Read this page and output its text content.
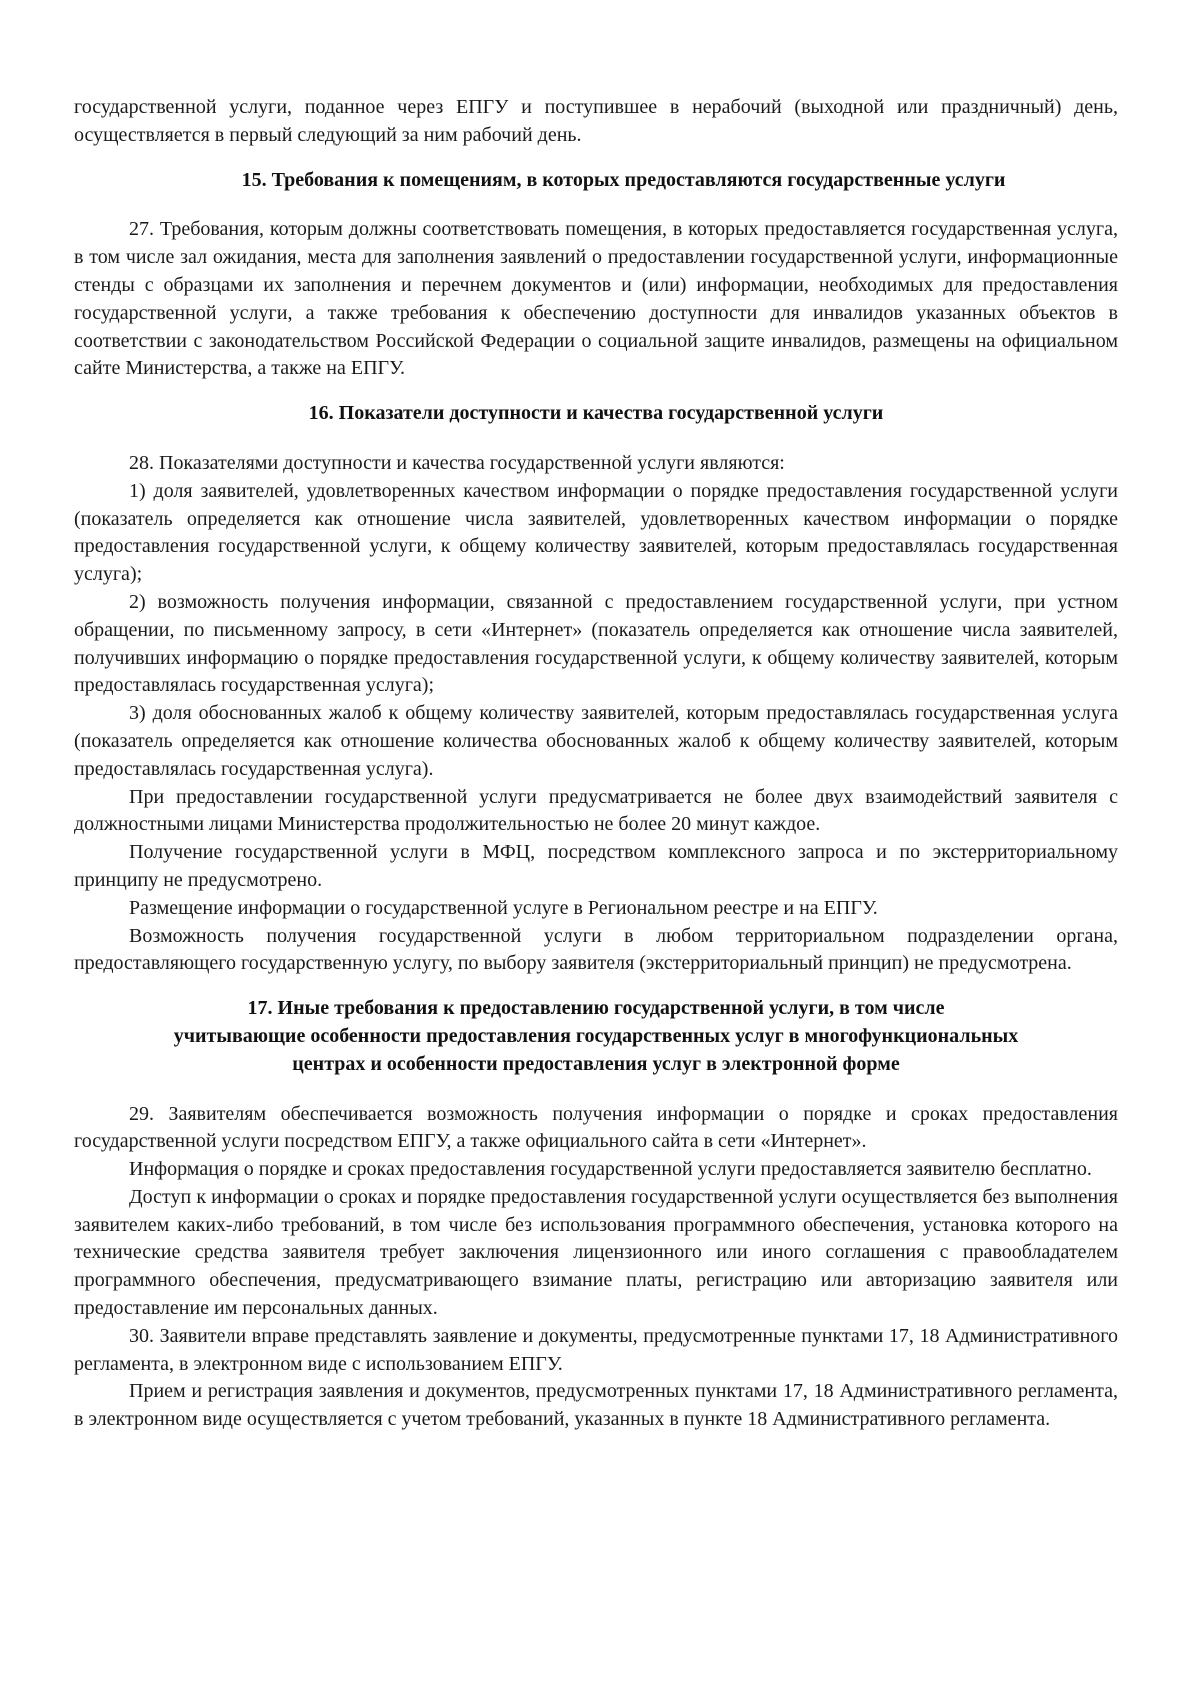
государственной услуги, поданное через ЕПГУ и поступившее в нерабочий (выходной или праздничный) день, осуществляется в первый следующий за ним рабочий день.

15. Требования к помещениям, в которых предоставляются государственные услуги

27. Требования, которым должны соответствовать помещения, в которых предоставляется государственная услуга, в том числе зал ожидания, места для заполнения заявлений о предоставлении государственной услуги, информационные стенды с образцами их заполнения и перечнем документов и (или) информации, необходимых для предоставления государственной услуги, а также требования к обеспечению доступности для инвалидов указанных объектов в соответствии с законодательством Российской Федерации о социальной защите инвалидов, размещены на официальном сайте Министерства, а также на ЕПГУ.

16. Показатели доступности и качества государственной услуги

28. Показателями доступности и качества государственной услуги являются:

1) доля заявителей, удовлетворенных качеством информации о порядке предоставления государственной услуги (показатель определяется как отношение числа заявителей, удовлетворенных качеством информации о порядке предоставления государственной услуги, к общему количеству заявителей, которым предоставлялась государственная услуга);

2) возможность получения информации, связанной с предоставлением государственной услуги, при устном обращении, по письменному запросу, в сети «Интернет» (показатель определяется как отношение числа заявителей, получивших информацию о порядке предоставления государственной услуги, к общему количеству заявителей, которым предоставлялась государственная услуга);

3) доля обоснованных жалоб к общему количеству заявителей, которым предоставлялась государственная услуга (показатель определяется как отношение количества обоснованных жалоб к общему количеству заявителей, которым предоставлялась государственная услуга).

При предоставлении государственной услуги предусматривается не более двух взаимодействий заявителя с должностными лицами Министерства продолжительностью не более 20 минут каждое.

Получение государственной услуги в МФЦ, посредством комплексного запроса и по экстерриториальному принципу не предусмотрено.

Размещение информации о государственной услуге в Региональном реестре и на ЕПГУ.

Возможность получения государственной услуги в любом территориальном подразделении органа, предоставляющего государственную услугу, по выбору заявителя (экстерриториальный принцип) не предусмотрена.

17. Иные требования к предоставлению государственной услуги, в том числе
учитывающие особенности предоставления государственных услуг в многофункциональных
центрах и особенности предоставления услуг в электронной форме

29. Заявителям обеспечивается возможность получения информации о порядке и сроках предоставления государственной услуги посредством ЕПГУ, а также официального сайта в сети «Интернет».

Информация о порядке и сроках предоставления государственной услуги предоставляется заявителю бесплатно.

Доступ к информации о сроках и порядке предоставления государственной услуги осуществляется без выполнения заявителем каких-либо требований, в том числе без использования программного обеспечения, установка которого на технические средства заявителя требует заключения лицензионного или иного соглашения с правообладателем программного обеспечения, предусматривающего взимание платы, регистрацию или авторизацию заявителя или предоставление им персональных данных.

30. Заявители вправе представлять заявление и документы, предусмотренные пунктами 17, 18 Административного регламента, в электронном виде с использованием ЕПГУ.

Прием и регистрация заявления и документов, предусмотренных пунктами 17, 18 Административного регламента, в электронном виде осуществляется с учетом требований, указанных в пункте 18 Административного регламента.
